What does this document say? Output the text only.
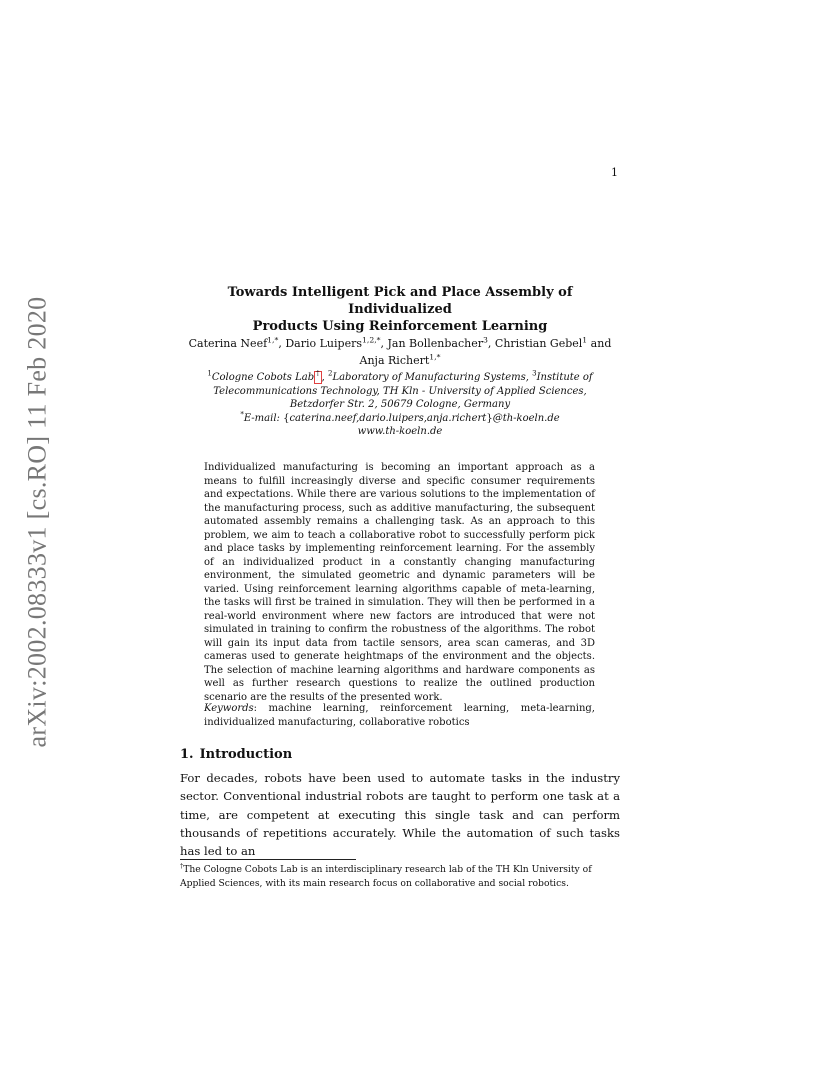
1
arXiv:2002.08333v1 [cs.RO] 11 Feb 2020
Towards Intelligent Pick and Place Assembly of Individualized
Products Using Reinforcement Learning
Caterina Neef$^{1,*}$, Dario Luipers$^{1,2,*}$, Jan Bollenbacher$^3$, Christian Gebel$^1$ and Anja Richert$^{1,*}$
$^1$Cologne Cobots Lab † , $^2$Laboratory of Manufacturing Systems, $^3$Institute of
Telecommunications Technology, TH Kln - University of Applied Sciences,
Betzdorfer Str. 2, 50679 Cologne, Germany
*E-mail: {caterina.neef,dario.luipers,anja.richert}@th-koeln.de
www.th-koeln.de
Individualized manufacturing is becoming an important approach as a means to fulfill increasingly diverse and specific consumer requirements and expectations. While there are various solutions to the implementation of the manufacturing process, such as additive manufacturing, the subsequent automated assembly remains a challenging task. As an approach to this problem, we aim to teach a collaborative robot to successfully perform pick and place tasks by implementing reinforcement learning. For the assembly of an individualized product in a constantly changing manufacturing environment, the simulated geometric and dynamic parameters will be varied. Using reinforcement learning algorithms capable of meta-learning, the tasks will first be trained in simulation. They will then be performed in a real-world environment where new factors are introduced that were not simulated in training to confirm the robustness of the algorithms. The robot will gain its input data from tactile sensors, area scan cameras, and 3D cameras used to generate heightmaps of the environment and the objects. The selection of machine learning algorithms and hardware components as well as further research questions to realize the outlined production scenario are the results of the presented work.
Keywords: machine learning, reinforcement learning, meta-learning, individualized manufacturing, collaborative robotics
1. Introduction
For decades, robots have been used to automate tasks in the industry sector. Conventional industrial robots are taught to perform one task at a time, are competent at executing this single task and can perform thousands of repetitions accurately. While the automation of such tasks has led to an
†The Cologne Cobots Lab is an interdisciplinary research lab of the TH Kln University of Applied Sciences, with its main research focus on collaborative and social robotics.
